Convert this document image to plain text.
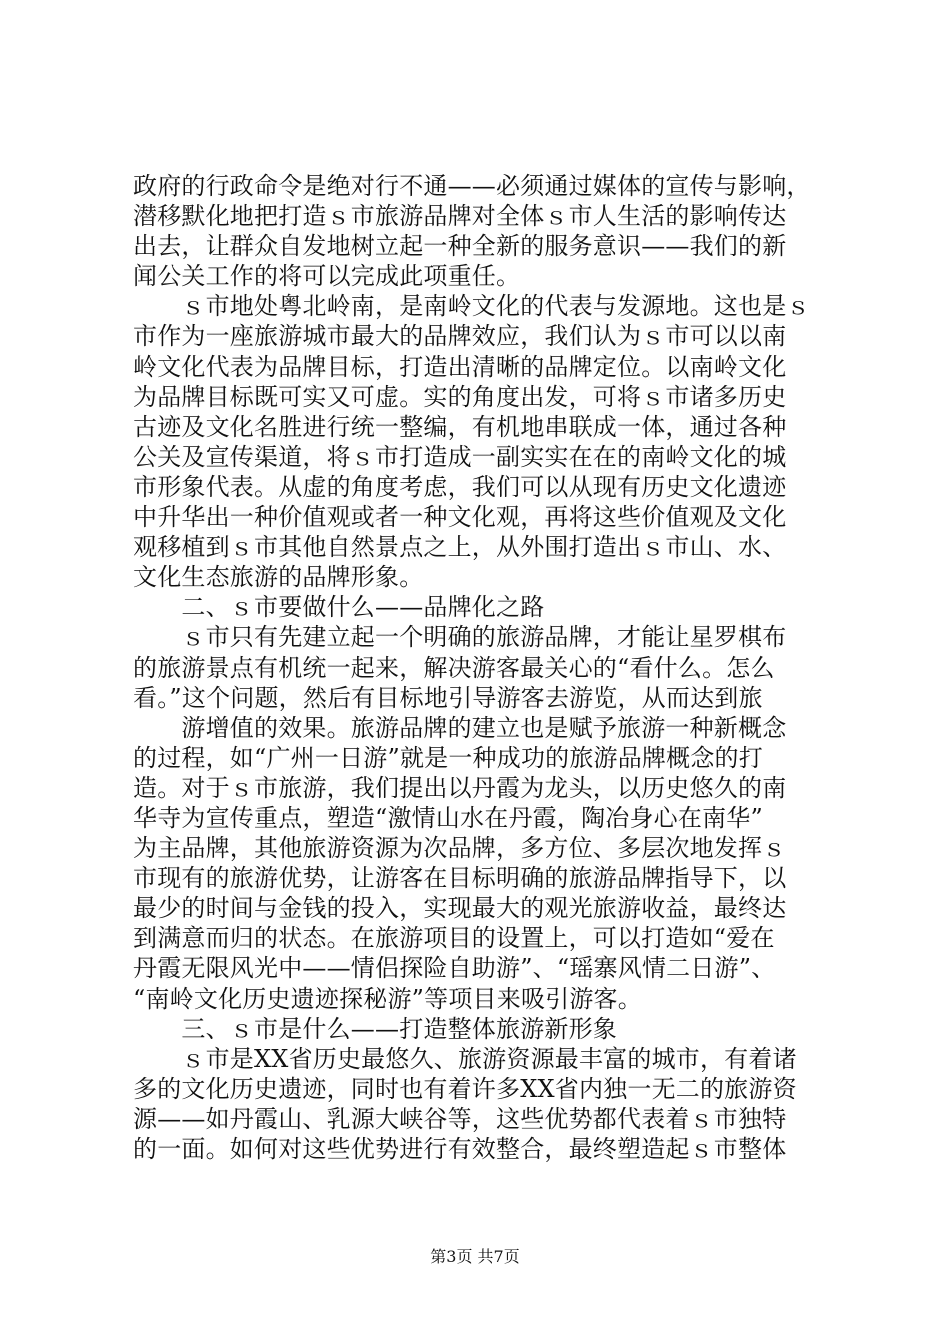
政府的行政命令是绝对行不通——必须通过媒体的宣传与影响，
潜移默化地把打造ｓ市旅游品牌对全体ｓ市人生活的影响传达
出去，让群众自发地树立起一种全新的服务意识——我们的新
闻公关工作的将可以完成此项重任。
　　ｓ市地处粤北岭南，是南岭文化的代表与发源地。这也是ｓ
市作为一座旅游城市最大的品牌效应，我们认为ｓ市可以以南
岭文化代表为品牌目标，打造出清晰的品牌定位。以南岭文化
为品牌目标既可实又可虚。实的角度出发，可将ｓ市诸多历史
古迹及文化名胜进行统一整编，有机地串联成一体，通过各种
公关及宣传渠道，将ｓ市打造成一副实实在在的南岭文化的城
市形象代表。从虚的角度考虑，我们可以从现有历史文化遗迹
中升华出一种价值观或者一种文化观，再将这些价值观及文化
观移植到ｓ市其他自然景点之上，从外围打造出ｓ市山、水、
文化生态旅游的品牌形象。
　　二、ｓ市要做什么——品牌化之路
　　ｓ市只有先建立起一个明确的旅游品牌，才能让星罗棋布
的旅游景点有机统一起来，解决游客最关心的“看什么。怎么
看。”这个问题，然后有目标地引导游客去游览，从而达到旅
　　游增值的效果。旅游品牌的建立也是赋予旅游一种新概念
的过程，如“广州一日游”就是一种成功的旅游品牌概念的打
造。对于ｓ市旅游，我们提出以丹霞为龙头，以历史悠久的南
华寺为宣传重点，塑造“激情山水在丹霞，陶冶身心在南华”
为主品牌，其他旅游资源为次品牌，多方位、多层次地发挥ｓ
市现有的旅游优势，让游客在目标明确的旅游品牌指导下，以
最少的时间与金钱的投入，实现最大的观光旅游收益，最终达
到满意而归的状态。在旅游项目的设置上，可以打造如“爱在
丹霞无限风光中——情侣探险自助游”、“瑶寨风情二日游”、
“南岭文化历史遗迹探秘游”等项目来吸引游客。
　　三、ｓ市是什么——打造整体旅游新形象
　　ｓ市是XX省历史最悠久、旅游资源最丰富的城市，有着诸
多的文化历史遗迹，同时也有着许多XX省内独一无二的旅游资
源——如丹霞山、乳源大峡谷等，这些优势都代表着ｓ市独特
的一面。如何对这些优势进行有效整合，最终塑造起ｓ市整体
第3页 共7页
